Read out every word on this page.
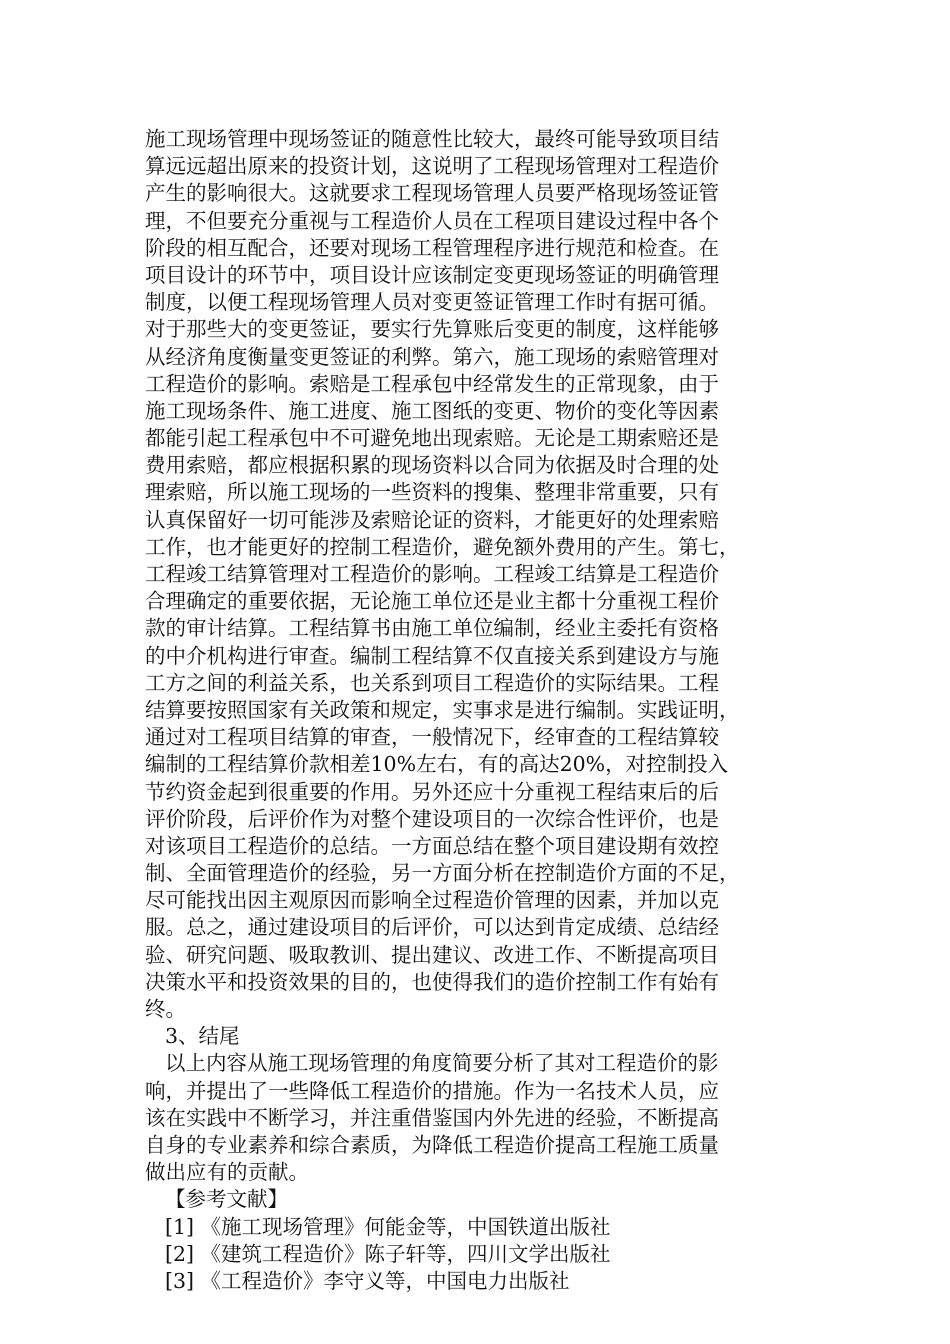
施工现场管理中现场签证的随意性比较大，最终可能导致项目结
算远远超出原来的投资计划，这说明了工程现场管理对工程造价
产生的影响很大。这就要求工程现场管理人员要严格现场签证管
理，不但要充分重视与工程造价人员在工程项目建设过程中各个
阶段的相互配合，还要对现场工程管理程序进行规范和检查。在
项目设计的环节中，项目设计应该制定变更现场签证的明确管理
制度，以便工程现场管理人员对变更签证管理工作时有据可循。
对于那些大的变更签证，要实行先算账后变更的制度，这样能够
从经济角度衡量变更签证的利弊。第六，施工现场的索赔管理对
工程造价的影响。索赔是工程承包中经常发生的正常现象，由于
施工现场条件、施工进度、施工图纸的变更、物价的变化等因素
都能引起工程承包中不可避免地出现索赔。无论是工期索赔还是
费用索赔，都应根据积累的现场资料以合同为依据及时合理的处
理索赔，所以施工现场的一些资料的搜集、整理非常重要，只有
认真保留好一切可能涉及索赔论证的资料，才能更好的处理索赔
工作，也才能更好的控制工程造价，避免额外费用的产生。第七，
工程竣工结算管理对工程造价的影响。工程竣工结算是工程造价
合理确定的重要依据，无论施工单位还是业主都十分重视工程价
款的审计结算。工程结算书由施工单位编制，经业主委托有资格
的中介机构进行审查。编制工程结算不仅直接关系到建设方与施
工方之间的利益关系，也关系到项目工程造价的实际结果。工程
结算要按照国家有关政策和规定，实事求是进行编制。实践证明，
通过对工程项目结算的审查，一般情况下，经审查的工程结算较
编制的工程结算价款相差10%左右，有的高达20%，对控制投入
节约资金起到很重要的作用。另外还应十分重视工程结束后的后
评价阶段，后评价作为对整个建设项目的一次综合性评价，也是
对该项目工程造价的总结。一方面总结在整个项目建设期有效控
制、全面管理造价的经验，另一方面分析在控制造价方面的不足，
尽可能找出因主观原因而影响全过程造价管理的因素，并加以克
服。总之，通过建设项目的后评价，可以达到肯定成绩、总结经
验、研究问题、吸取教训、提出建议、改进工作、不断提高项目
决策水平和投资效果的目的，也使得我们的造价控制工作有始有
终。
3、结尾
以上内容从施工现场管理的角度简要分析了其对工程造价的影
响，并提出了一些降低工程造价的措施。作为一名技术人员，应
该在实践中不断学习，并注重借鉴国内外先进的经验，不断提高
自身的专业素养和综合素质，为降低工程造价提高工程施工质量
做出应有的贡献。
【参考文献】
[1] 《施工现场管理》何能金等，中国铁道出版社
[2] 《建筑工程造价》陈子轩等，四川文学出版社
[3] 《工程造价》李守义等，中国电力出版社
